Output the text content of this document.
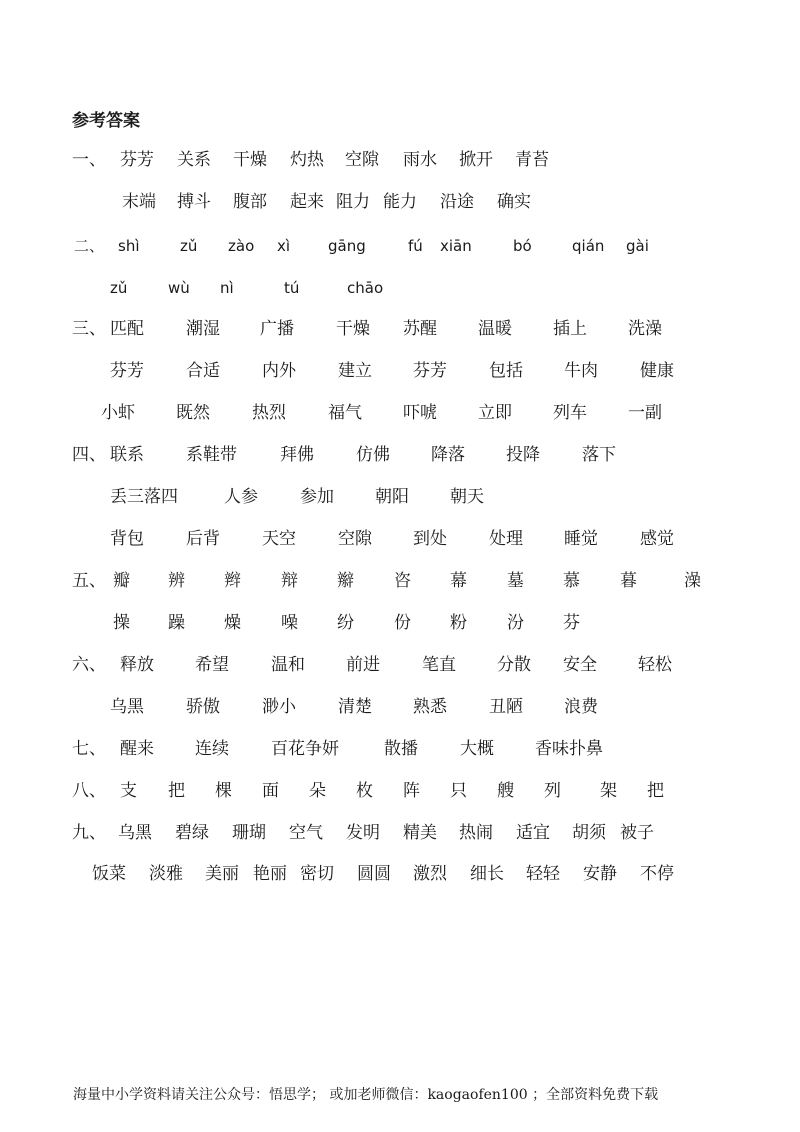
参考答案
一、 芬芳 关系 干燥 灼热 空隙 雨水 掀开 青苔
末端 搏斗 腹部 起来 阻力 能力 沿途 确实
二、 shì	zǔ zào xì	gāng	fú xiān	bó	qián gài
zǔ	wù nì	tú	chāo
三、 匹配 潮湿 广播 干燥 苏醒 温暖 插上 洗澡
芬芳 合适 内外 建立 芬芳 包括 牛肉 健康
小虾 既然 热烈 福气 吓唬 立即 列车 一副
四、 联系 系鞋带	拜佛 仿佛 降落 投降 落下
丢三落四	人参 参加 朝阳 朝天
背包 后背 天空 空隙 到处 处理 睡觉 感觉
五、 瓣 辨 辫 辩 辮 咨 幕 墓 慕 暮	澡
操 躁 燥 噪 纷 份 粉 汾 芬
六、 释放 希望 温和 前进 笔直 分散 安全 轻松
乌黑 骄傲 渺小 清楚 熟悉 丑陋 浪费
七、 醒来 连续 百花争妍	散播 大概 香味扑鼻
八、 支 把 棵 面 朵 枚 阵 只 艘 列 架 把
九、 乌黑 碧绿 珊瑚 空气 发明 精美 热闹 适宜 胡须 被子
饭菜 淡雅 美丽 艳丽 密切 圆圆 激烈 细长 轻轻 安静 不停
海量中小学资料请关注公众号：悟思学； 或加老师微信：kaogaofen100 ；全部资料免费下载
